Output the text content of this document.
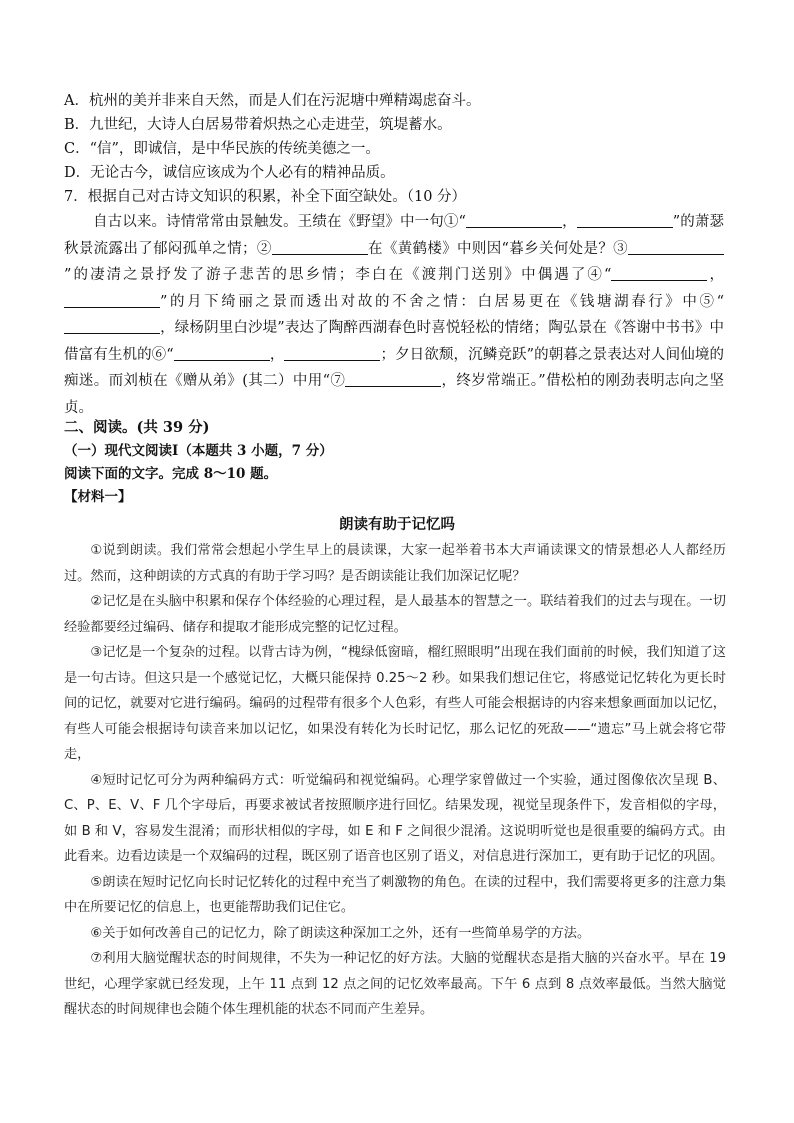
A．杭州的美并非来自天然，而是人们在污泥塘中殚精竭虑奋斗。
B．九世纪，大诗人白居易带着炽热之心走进茔，筑堤蓄水。
C．“信”，即诚信，是中华民族的传统美德之一。
D．无论古今，诚信应该成为个人必有的精神品质。
7．根据自己对古诗文知识的积累，补全下面空缺处。（10 分）

自古以来。诗情常常由景触发。王绩在《野望》中一句①“	，	”的萧瑟秋景流露出了郁闷孤单之情；②	在《黄鹤楼》中则因“暮乡关何处是？③”的凄清之景抒发了游子悲苦的思乡情；李白在《渡荆门送别》中偶遇了④“	，”的月下绮丽之景而透出对故的不舍之情：白居易更在《钱塘湖春行》中⑤“，绿杨阴里白沙堤”表达了陶醉西湖春色时喜悦轻松的情绪；陶弘景在《答谢中书书》中借富有生机的⑥“	，	；夕日欲颓，沉鳞竞跃”的朝暮之景表达对人间仙境的痴迷。而刘桢在《赠从弟》(其二）中用“⑦	，终岁常端正。”借松柏的刚劲表明志向之坚贞。

二、阅读。(共 39 分)
（一）现代文阅读Ⅰ（本题共 3 小题，7 分）
阅读下面的文字。完成 8～10 题。
【材料一】
朗读有助于记忆吗

①说到朗读。我们常常会想起小学生早上的晨读课，大家一起举着书本大声诵读课文的情景想必人人都经历过。然而，这种朗读的方式真的有助于学习吗？是否朗读能让我们加深记忆呢？

②记忆是在头脑中积累和保存个体经验的心理过程，是人最基本的智慧之一。联结着我们的过去与现在。一切经验都要经过编码、储存和提取才能形成完整的记忆过程。

③记忆是一个复杂的过程。以背古诗为例，“槐绿低窗暗，榴红照眼明”出现在我们面前的时候，我们知道了这是一句古诗。但这只是一个感觉记忆，大概只能保持 0.25～2 秒。如果我们想记住它，将感觉记忆转化为更长时间的记忆，就要对它进行编码。编码的过程带有很多个人色彩，有些人可能会根据诗的内容来想象画面加以记忆，有些人可能会根据诗句读音来加以记忆，如果没有转化为长时记忆，那么记忆的死敌——“遗忘”马上就会将它带走，

④短时记忆可分为两种编码方式：听觉编码和视觉编码。心理学家曾做过一个实验，通过图像依次呈现 B、C、P、E、V、F 几个字母后，再要求被试者按照顺序进行回忆。结果发现，视觉呈现条件下，发音相似的字母，如 B 和 V，容易发生混淆；而形状相似的字母，如 E 和 F 之间很少混淆。这说明听觉也是很重要的编码方式。由此看来。边看边读是一个双编码的过程，既区别了语音也区别了语义，对信息进行深加工，更有助于记忆的巩固。

⑤朗读在短时记忆向长时记忆转化的过程中充当了刺激物的角色。在读的过程中，我们需要将更多的注意力集中在所要记忆的信息上，也更能帮助我们记住它。

⑥关于如何改善自己的记忆力，除了朗读这种深加工之外，还有一些简单易学的方法。

⑦利用大脑觉醒状态的时间规律，不失为一种记忆的好方法。大脑的觉醒状态是指大脑的兴奋水平。早在 19 世纪，心理学家就已经发现，上午 11 点到 12 点之间的记忆效率最高。下午 6 点到 8 点效率最低。当然大脑觉醒状态的时间规律也会随个体生理机能的状态不同而产生差异。
